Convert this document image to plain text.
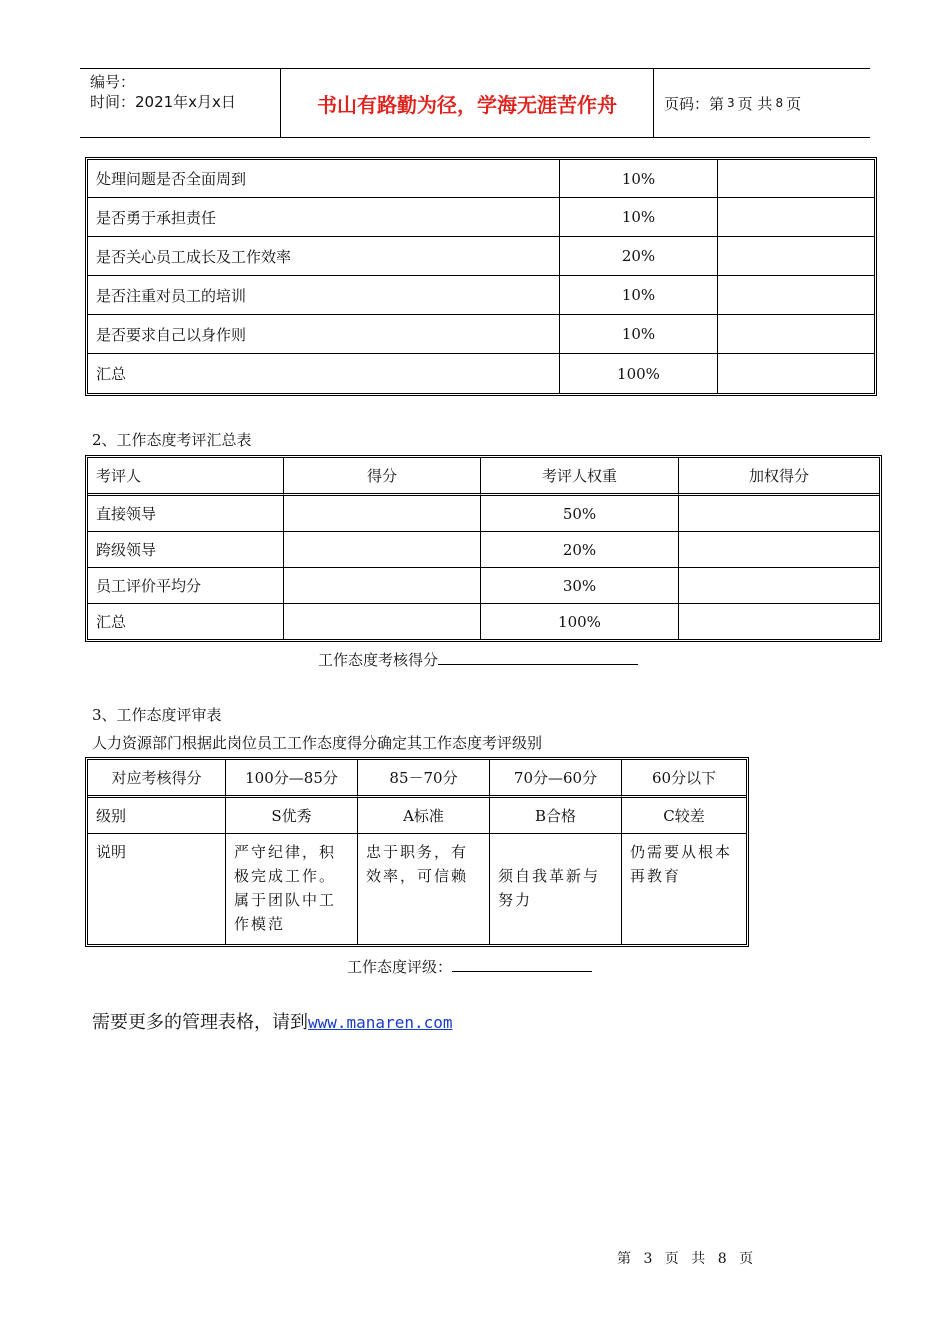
编号：
时间：2021年x月x日	书山有路勤为径，学海无涯苦作舟	页码：第 3 页 共 8 页
处理问题是否全面周到	10%	
是否勇于承担责任	10%	
是否关心员工成长及工作效率	20%	
是否注重对员工的培训	10%	
是否要求自己以身作则	10%	
汇总	100%	
2、工作态度考评汇总表
考评人	得分	考评人权重	加权得分
直接领导		50%	
跨级领导		20%	
员工评价平均分		30%	
汇总		100%	
工作态度考核得分
3、工作态度评审表
人力资源部门根据此岗位员工工作态度得分确定其工作态度考评级别
对应考核得分	100分—85分	85－70分	70分—60分	60分以下
级别	S优秀	A标准	B合格	C较差
说明	严守纪律，积极完成工作。属于团队中工作模范	忠于职务，有效率，可信赖	须自我革新与努力	仍需要从根本再教育
工作态度评级：
需要更多的管理表格，请到www.manaren.com
第 3 页 共 8 页
